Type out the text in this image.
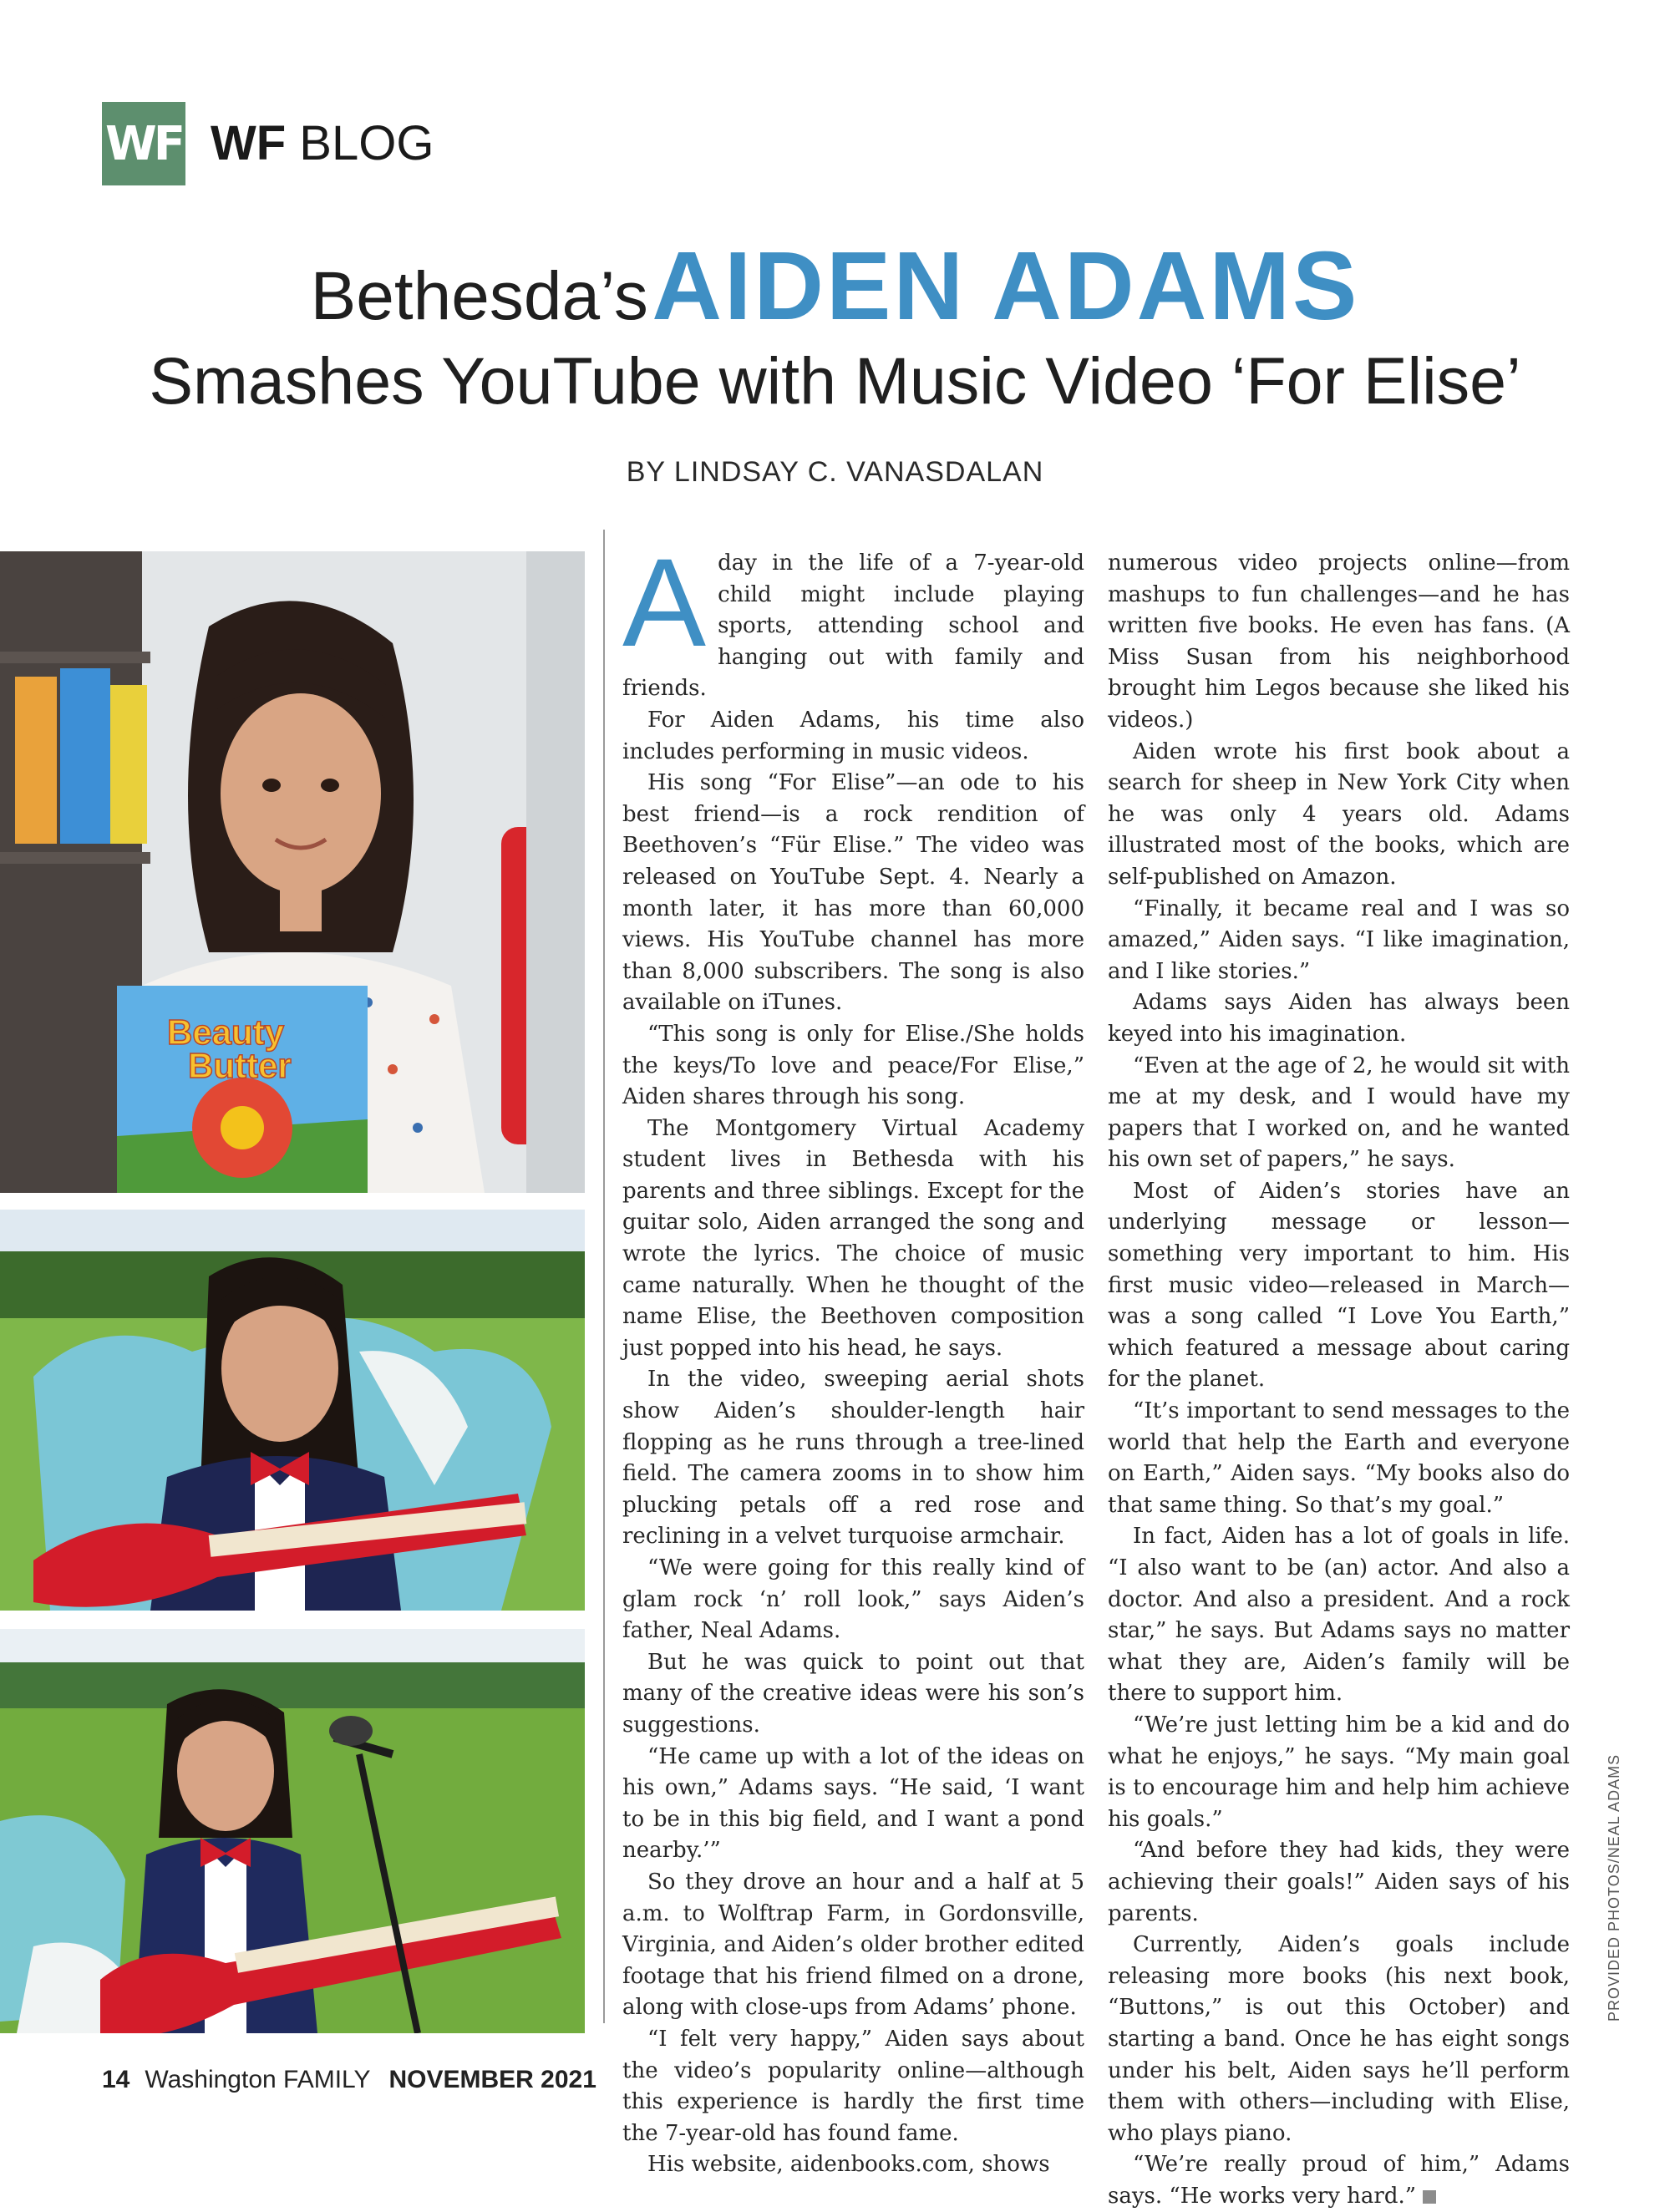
WF WF BLOG
Bethesda’s AIDEN ADAMS
Smashes YouTube with Music Video ‘For Elise’
BY LINDSAY C. VANASDALAN
Beauty
Butter

Aday in the life of a 7-year-old child might include playing sports, attending school and hanging out with family and friends.

For Aiden Adams, his time also includes performing in music videos.

His song “For Elise”—an ode to his best friend—is a rock rendition of Beethoven’s “Für Elise.” The video was released on YouTube Sept. 4. Nearly a month later, it has more than 60,000 views. His YouTube channel has more than 8,000 subscribers. The song is also available on iTunes.

“This song is only for Elise./She holds the keys/To love and peace/For Elise,” Aiden shares through his song.

The Montgomery Virtual Academy student lives in Bethesda with his parents and three siblings. Except for the guitar solo, Aiden arranged the song and wrote the lyrics. The choice of music came naturally. When he thought of the name Elise, the Beethoven composition just popped into his head, he says.

In the video, sweeping aerial shots show Aiden’s shoulder-length hair flopping as he runs through a tree-lined field. The camera zooms in to show him plucking petals off a red rose and reclining in a velvet turquoise armchair.

“We were going for this really kind of glam rock ‘n’ roll look,” says Aiden’s father, Neal Adams.

But he was quick to point out that many of the creative ideas were his son’s suggestions.

“He came up with a lot of the ideas on his own,” Adams says. “He said, ‘I want to be in this big field, and I want a pond nearby.’”

So they drove an hour and a half at 5 a.m. to Wolftrap Farm, in Gordonsville, Virginia, and Aiden’s older brother edited footage that his friend filmed on a drone, along with close-ups from Adams’ phone.

“I felt very happy,” Aiden says about the video’s popularity online—although this experience is hardly the first time the 7-year-old has found fame.

His website, aidenbooks.com, shows

numerous video projects online—from mashups to fun challenges—and he has written five books. He even has fans. (A Miss Susan from his neighborhood brought him Legos because she liked his videos.)

Aiden wrote his first book about a search for sheep in New York City when he was only 4 years old. Adams illustrated most of the books, which are self-published on Amazon.

“Finally, it became real and I was so amazed,” Aiden says. “I like imagination, and I like stories.”

Adams says Aiden has always been keyed into his imagination.

“Even at the age of 2, he would sit with me at my desk, and I would have my papers that I worked on, and he wanted his own set of papers,” he says.

Most of Aiden’s stories have an underlying message or lesson—something very important to him. His first music video—released in March—was a song called “I Love You Earth,” which featured a message about caring for the planet.

“It’s important to send messages to the world that help the Earth and everyone on Earth,” Aiden says. “My books also do that same thing. So that’s my goal.”

In fact, Aiden has a lot of goals in life. “I also want to be (an) actor. And also a doctor. And also a president. And a rock star,” he says. But Adams says no matter what they are, Aiden’s family will be there to support him.

“We’re just letting him be a kid and do what he enjoys,” he says. “My main goal is to encourage him and help him achieve his goals.”

“And before they had kids, they were achieving their goals!” Aiden says of his parents.

Currently, Aiden’s goals include releasing more books (his next book, “Buttons,” is out this October) and starting a band. Once he has eight songs under his belt, Aiden says he’ll perform them with others—including with Elise, who plays piano.

“We’re really proud of him,” Adams says. “He works very hard.”

PROVIDED PHOTOS/NEAL ADAMS
14 Washington FAMILY NOVEMBER 2021
